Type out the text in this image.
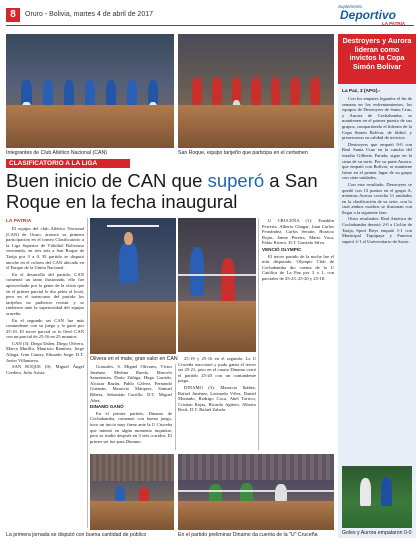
8	Oruro - Bolivia, martes 4 de abril de 2017
Suplemento
Deportivo
LA PATRIA
Integrantes de Club Atlético Nacional (CAN)	San Roque, equipo tarijeño que participa en el certamen
CLASIFICATORIO A LA LIGA
Buen inicio de CAN que superó a San Roque en la fecha inaugural
LA PATRIA

El equipo del club Atlético Nacional (CAN) de Oruro, arrancó su primera participación en el torneo Clasificatorio a la Liga Superior de Vóleibol Boliviano venciendo, en tres sets a San Roque de Tarija por 3 a 0. El partido se disputó anoche en el coliseo del CAN ubicado en el Parque de la Unión Nacional.

En el desarrollo del partido, CAN comenzó un tanto ilusionado, ello fue aprovechado por la gente de la visita que en el primer parcial le dio pelea al local, pero en el transcurso del partido los tarijeños no pudieron resistir y se rindieron ante la superioridad del equipo orureño.

En el segundo set CAN fue más contundente con su juego y lo ganó por 25-19. El tercer parcial se lo llevó CAN con un parcial de 25-16 en 25 minutos.

CAN (3): Diego Dalen, Diego Olivera, Marco Murillo, Mauricio Ramírez, Jorge Aliaga, Iván Cataxy, Eduardo Jorge. D.T. Javier Villanueva.

SAN ROQUE (0): Miguel Ángel Cordero, Julio Arista.

Olivera en el mate, gran valor en CAN

Gonzales, S. Miguel Olivares, Víctor Jiménez, Medina Rueda, Marcelo Sanzetenea, Darío Zúñiga, Hugo Garrido, Alcazar Bazán, Pablo Gálvez, Fernando Guzmán, Mauricio Márquez, Samuel Ribera, Sebastián Carrillo. D.T. Miguel Añez.

DINAMO GANÓ

En el primer partido, Dinamo de Cochabamba, comenzó con buena juego, tuvo un inicio muy firme ante la U Cruceña que intentó en algún momento inquietar, pero se rindió después en 3 sets corridos. El primer set fue para Dinamo.

25-19 y 25-16 en el segundo. La U Cruceña reaccionó y pudo ganar el tercer set 25-21, pero en el cuarto Dinamo cerró el partido 25-20 con un contundente juego.

DINAMO (3): Mauricio Ibáñez, Rafael Jiménez, Leonardo Vélez, Daniel Montaño, Rodrigo Coca, Abel Torrico, Cristian Rojas, Ricardo Agüero, Alberto Rock. D.T. Rafael Zabala.

U CRUCEÑA (1): Franklin Ferreira, Alberto Chugar, Juan Carlos Fernández, Carlos Serrate, Horacio Rojas, Jaime Pereira, Mario Vaca, Fabio Rivero. D.T. Gonzalo Silva.

VENCIÓ OLYMPIC

El tercer partido de la noche fue el más disputado, Olympic Club de Cochabamba dio cuenta de la U Católica de La Paz por 3 a 1, con parciales de 25-23, 25-20 y 25-18.

La primera jornada se disputó con buena cantidad de público	En el partido preliminar Dinamo da cuenta de la "U" Cruceña
Destroyers y Aurora lideran como invictos la Copa Simón Bolívar
La Paz, 3 (APG).-

Con los empates logrados el fin de semana en los enfrentamientos, los equipos de Destroyers de Santa Cruz, y Aurora de Cochabamba, se mantienen en el primer puesto de sus grupos, compartiendo el liderato de la Copa Simón Bolívar, de fútbol, y preservaron su calidad de invictos.

Destroyers que empató 0-0 con Real Santa Cruz en la cancha del estadio Gilberto Parada, sigue en la cima de su serie. Por su parte Aurora, que empató con Bolívar, se mantiene firme en el primer lugar de su grupo con siete unidades.

Con este resultado, Destroyers se quedó con 13 puntos en el grupo A, mientras Aurora cosecha 11 unidades en la clasificación de su serie, con lo cual ambos cuadros se ilusionan con llegar a la siguiente fase.

Otros resultados: Real América de Cochabamba derrotó 2-0 a Ciclón de Tarija, Sport Boys empató 1-1 con Municipal Tiquipaya y Fancesa superó 2-1 al Universitario de Sucre.

Goles y Aurora empataron 0-0
